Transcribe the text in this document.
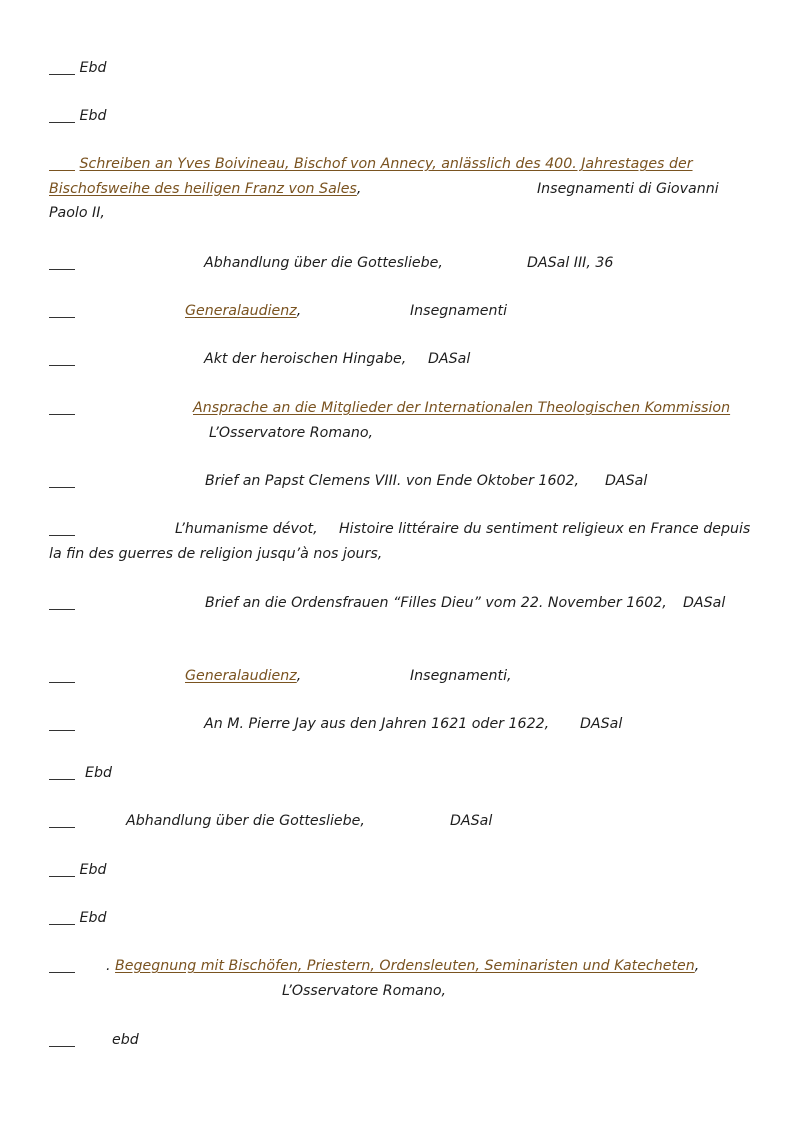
Ebd
Ebd
Schreiben an Yves Boivineau, Bischof von Annecy, anlässlich des 400. Jahrestages der
Bischofsweihe des heiligen Franz von Sales,	Insegnamenti di Giovanni
Paolo II,
Abhandlung über die Gottesliebe,	DASal III, 36
Generalaudienz,	Insegnamenti
Akt der heroischen Hingabe, DASal
Ansprache an die Mitglieder der Internationalen Theologischen Kommission
L’Osservatore Romano,
Brief an Papst Clemens VIII. von Ende Oktober 1602, DASal
L’humanisme dévot, Histoire littéraire du sentiment religieux en France depuis
la fin des guerres de religion jusqu’à nos jours,
Brief an die Ordensfrauen “Filles Dieu” vom 22. November 1602, DASal
Generalaudienz,	Insegnamenti,
An M. Pierre Jay aus den Jahren 1621 oder 1622, DASal
Ebd
Abhandlung über die Gottesliebe,	DASal
Ebd
Ebd
. Begegnung mit Bischöfen, Priestern, Ordensleuten, Seminaristen und Katecheten,
L’Osservatore Romano,
ebd
